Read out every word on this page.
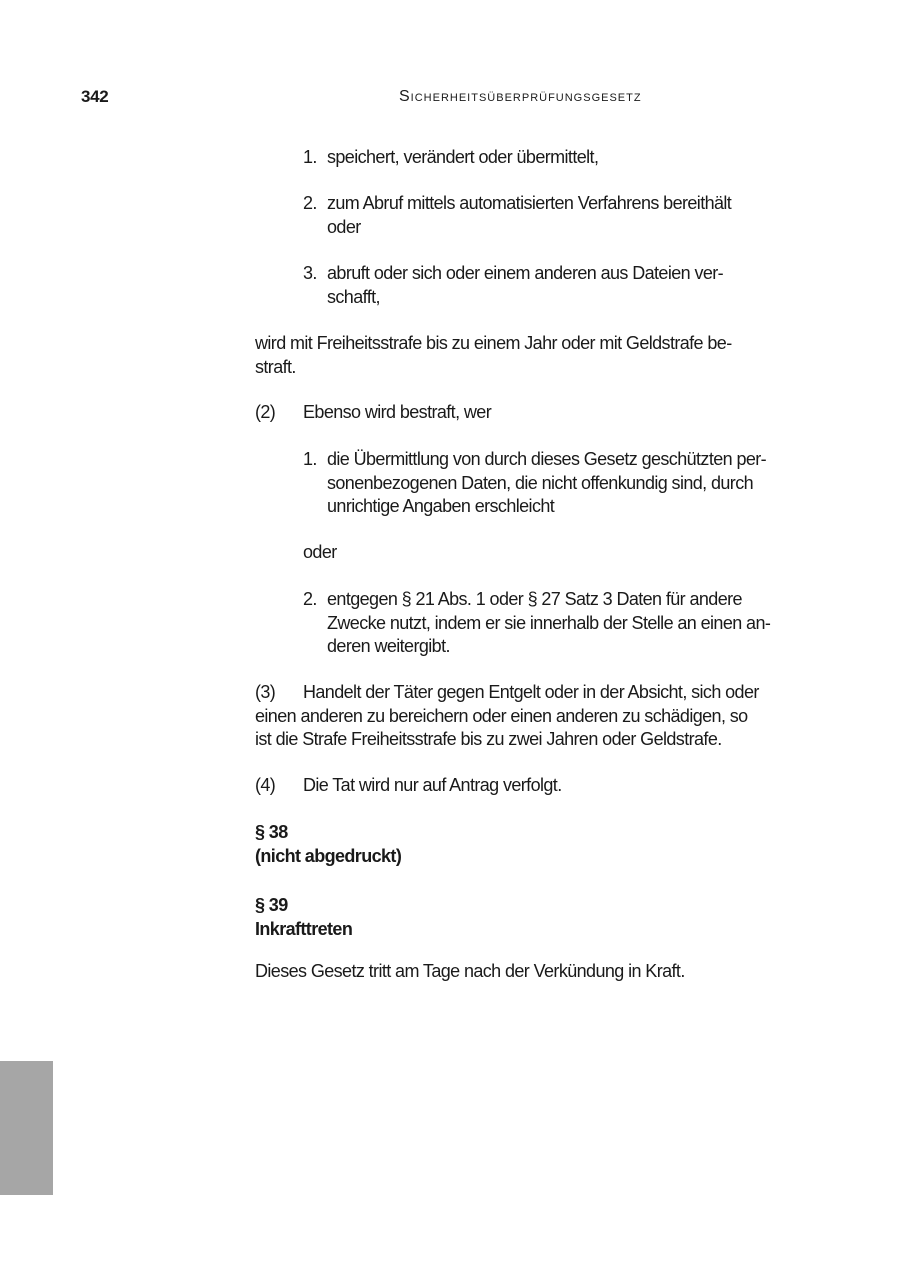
342	Sicherheitsüberprüfungsgesetz
1. speichert, verändert oder übermittelt,
2. zum Abruf mittels automatisierten Verfahrens bereithält
oder
3. abruft oder sich oder einem anderen aus Dateien ver-
schafft,
wird mit Freiheitsstrafe bis zu einem Jahr oder mit Geldstrafe be-
straft.
(2) Ebenso wird bestraft, wer
1. die Übermittlung von durch dieses Gesetz geschützten per-
sonenbezogenen Daten, die nicht offenkundig sind, durch
unrichtige Angaben erschleicht
oder
2. entgegen § 21 Abs. 1 oder § 27 Satz 3 Daten für andere
Zwecke nutzt, indem er sie innerhalb der Stelle an einen an-
deren weitergibt.
(3)	Handelt der Täter gegen Entgelt oder in der Absicht, sich oder
einen anderen zu bereichern oder einen anderen zu schädigen, so
ist die Strafe Freiheitsstrafe bis zu zwei Jahren oder Geldstrafe.
(4) Die Tat wird nur auf Antrag verfolgt.
§ 38
(nicht abgedruckt)
§ 39
Inkrafttreten
Dieses Gesetz tritt am Tage nach der Verkündung in Kraft.
